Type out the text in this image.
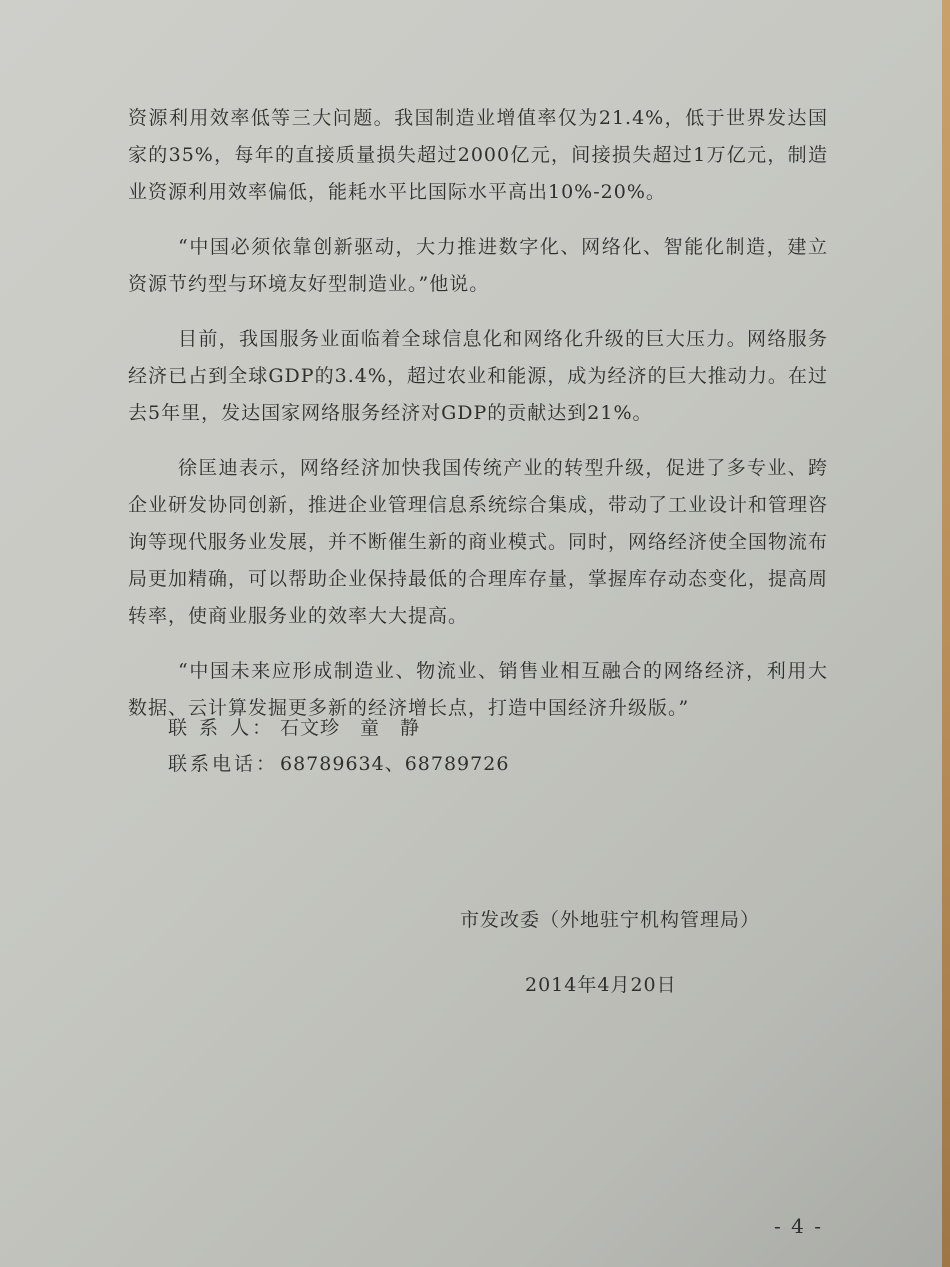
资源利用效率低等三大问题。我国制造业增值率仅为21.4%，低于世界发达国家的35%，每年的直接质量损失超过2000亿元，间接损失超过1万亿元，制造业资源利用效率偏低，能耗水平比国际水平高出10%-20%。

“中国必须依靠创新驱动，大力推进数字化、网络化、智能化制造，建立资源节约型与环境友好型制造业。”他说。

目前，我国服务业面临着全球信息化和网络化升级的巨大压力。网络服务经济已占到全球GDP的3.4%，超过农业和能源，成为经济的巨大推动力。在过去5年里，发达国家网络服务经济对GDP的贡献达到21%。

徐匡迪表示，网络经济加快我国传统产业的转型升级，促进了多专业、跨企业研发协同创新，推进企业管理信息系统综合集成，带动了工业设计和管理咨询等现代服务业发展，并不断催生新的商业模式。同时，网络经济使全国物流布局更加精确，可以帮助企业保持最低的合理库存量，掌握库存动态变化，提高周转率，使商业服务业的效率大大提高。

“中国未来应形成制造业、物流业、销售业相互融合的网络经济，利用大数据、云计算发掘更多新的经济增长点，打造中国经济升级版。”

联 系 人： 石文珍　童　静
联系电话： 68789634、68789726
市发改委（外地驻宁机构管理局）
2014年4月20日
- 4 -
